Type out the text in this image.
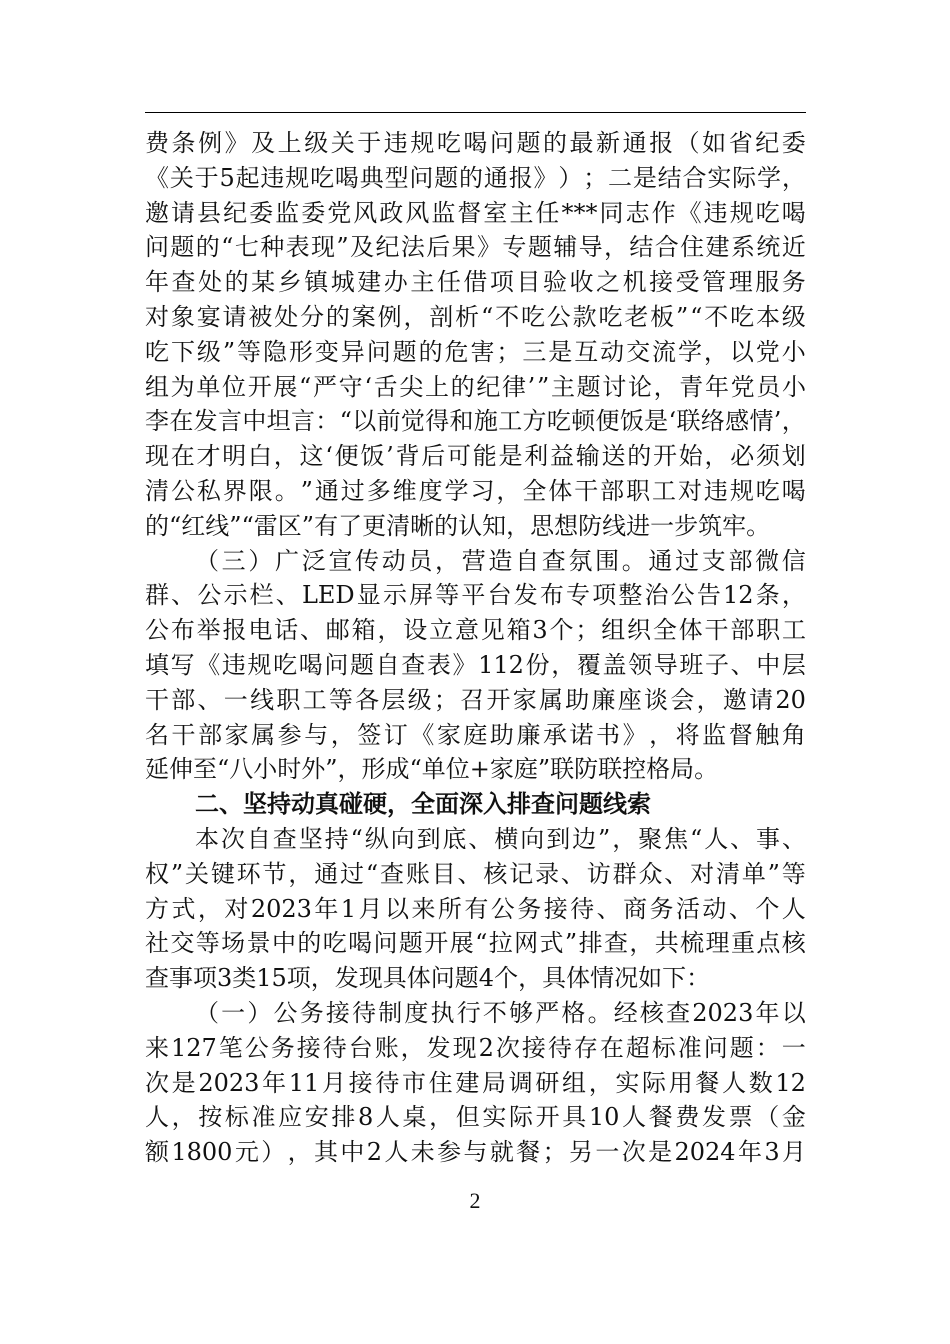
费 条 例 》 及 上 级 关 于 违 规 吃 喝 问 题 的 最 新 通 报 （ 如 省 纪 委
《 关 于 5 起 违 规 吃 喝 典 型 问 题 的 通 报 》 ） ； 二 是 结 合 实 际 学 ，
邀 请 县 纪 委 监 委 党 风 政 风 监 督 室 主 任 *** 同 志 作 《 违 规 吃 喝
问 题 的 “ 七 种 表 现 ” 及 纪 法 后 果 》 专 题 辅 导 ， 结 合 住 建 系 统 近
年 查 处 的 某 乡 镇 城 建 办 主 任 借 项 目 验 收 之 机 接 受 管 理 服 务
对 象 宴 请 被 处 分 的 案 例 ， 剖 析 “ 不 吃 公 款 吃 老 板 ” “ 不 吃 本 级
吃 下 级 ” 等 隐 形 变 异 问 题 的 危 害 ； 三 是 互 动 交 流 学 ， 以 党 小
组 为 单 位 开 展 “ 严 守 ‘ 舌 尖 上 的 纪 律 ’ ” 主 题 讨 论 ， 青 年 党 员 小
李 在 发 言 中 坦 言 ： “ 以 前 觉 得 和 施 工 方 吃 顿 便 饭 是 ‘ 联 络 感 情 ’ ，
现 在 才 明 白 ， 这 ‘ 便 饭 ’ 背 后 可 能 是 利 益 输 送 的 开 始 ， 必 须 划
清 公 私 界 限 。 ” 通 过 多 维 度 学 习 ， 全 体 干 部 职 工 对 违 规 吃 喝
的“红线”“雷区”有了更清晰的认知，思想防线进一步筑牢。
（ 三 ） 广 泛 宣 传 动 员 ， 营 造 自 查 氛 围 。 通 过 支 部 微 信
群 、 公 示 栏 、 LED 显 示 屏 等 平 台 发 布 专 项 整 治 公 告 12 条 ，
公 布 举 报 电 话 、 邮 箱 ， 设 立 意 见 箱 3 个 ； 组 织 全 体 干 部 职 工
填 写 《 违 规 吃 喝 问 题 自 查 表 》 112 份 ， 覆 盖 领 导 班 子 、 中 层
干 部 、 一 线 职 工 等 各 层 级 ； 召 开 家 属 助 廉 座 谈 会 ， 邀 请 20
名 干 部 家 属 参 与 ， 签 订 《 家 庭 助 廉 承 诺 书 》 ， 将 监 督 触 角
延伸至“八小时外”，形成“单位+家庭”联防联控格局。
二、坚持动真碰硬，全面深入排查问题线索
本 次 自 查 坚 持 “ 纵 向 到 底 、 横 向 到 边 ” ， 聚 焦 “ 人 、 事 、
权 ” 关 键 环 节 ， 通 过 “ 查 账 目 、 核 记 录 、 访 群 众 、 对 清 单 ” 等
方 式 ， 对 2023 年 1 月 以 来 所 有 公 务 接 待 、 商 务 活 动 、 个 人
社 交 等 场 景 中 的 吃 喝 问 题 开 展 “ 拉 网 式 ” 排 查 ， 共 梳 理 重 点 核
查事项3类15项，发现具体问题4个，具体情况如下：
（ 一 ） 公 务 接 待 制 度 执 行 不 够 严 格 。 经 核 查 2023 年 以
来 127 笔 公 务 接 待 台 账 ， 发 现 2 次 接 待 存 在 超 标 准 问 题 ： 一
次 是 2023 年 11 月 接 待 市 住 建 局 调 研 组 ， 实 际 用 餐 人 数 12
人 ， 按 标 准 应 安 排 8 人 桌 ， 但 实 际 开 具 10 人 餐 费 发 票 （ 金
额 1800 元 ） ， 其 中 2 人 未 参 与 就 餐 ； 另 一 次 是 2024 年 3 月
2
